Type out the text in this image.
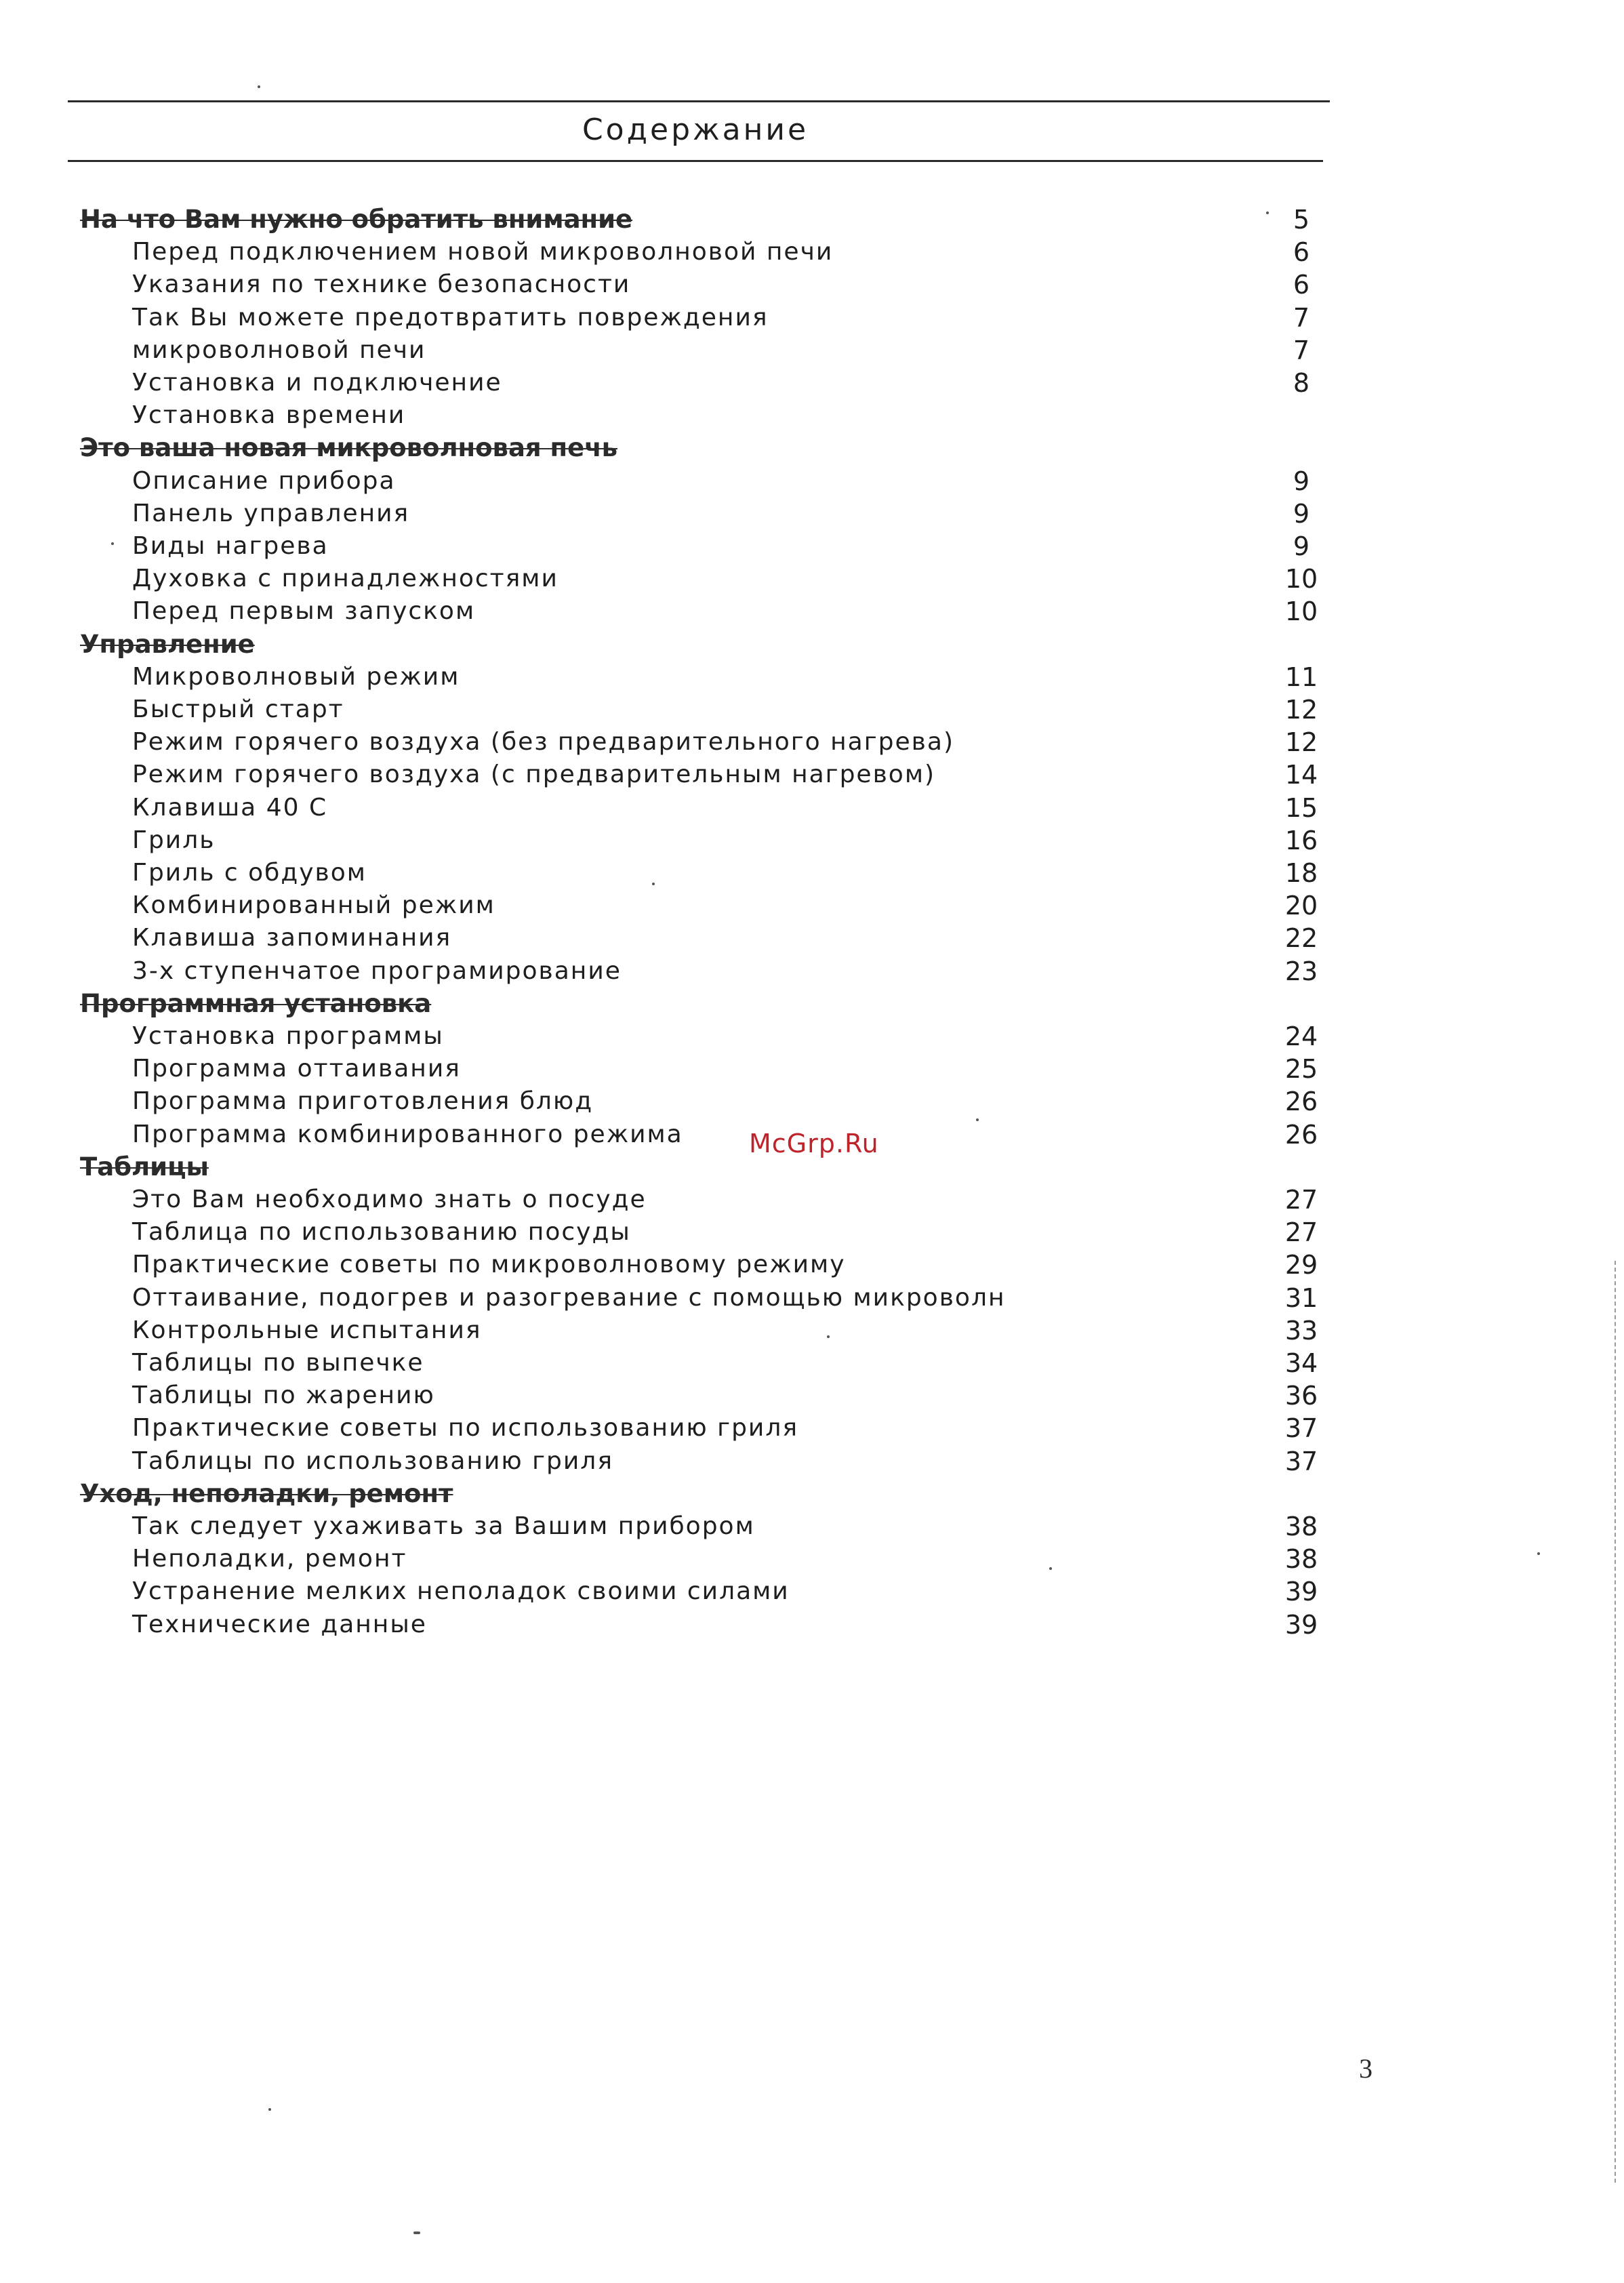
Содержание
На что Вам нужно обратить внимание	5
Перед подключением новой микроволновой печи	6
Указания по технике безопасности	6
Так Вы можете предотвратить повреждения	7
микроволновой печи	7
Установка и подключение	8
Установка времени
Это ваша новая микроволновая печь
Описание прибора	9
Панель управления	9
Виды нагрева	9
Духовка с принадлежностями	10
Перед первым запуском	10
Управление
Микроволновый режим	11
Быстрый старт	12
Режим горячего воздуха (без предварительного нагрева)	12
Режим горячего воздуха (с предварительным нагревом)	14
Клавиша 40 С	15
Гриль	16
Гриль с обдувом	18
Комбинированный режим	20
Клавиша запоминания	22
3-х ступенчатое програмирование	23
Программная установка
Установка программы	24
Программа оттаивания	25
Программа приготовления блюд	26
Программа комбинированного режима	26
Таблицы
Это Вам необходимо знать о посуде	27
Таблица по использованию посуды	27
Практические советы по микроволновому режиму	29
Оттаивание, подогрев и разогревание с помощью микроволн	31
Контрольные испытания	33
Таблицы по выпечке	34
Таблицы по жарению	36
Практические советы по использованию гриля	37
Таблицы по использованию гриля	37
Уход, неполадки, ремонт
Так следует ухаживать за Вашим прибором	38
Неполадки, ремонт	38
Устранение мелких неполадок своими силами	39
Технические данные	39
McGrp.Ru
3
